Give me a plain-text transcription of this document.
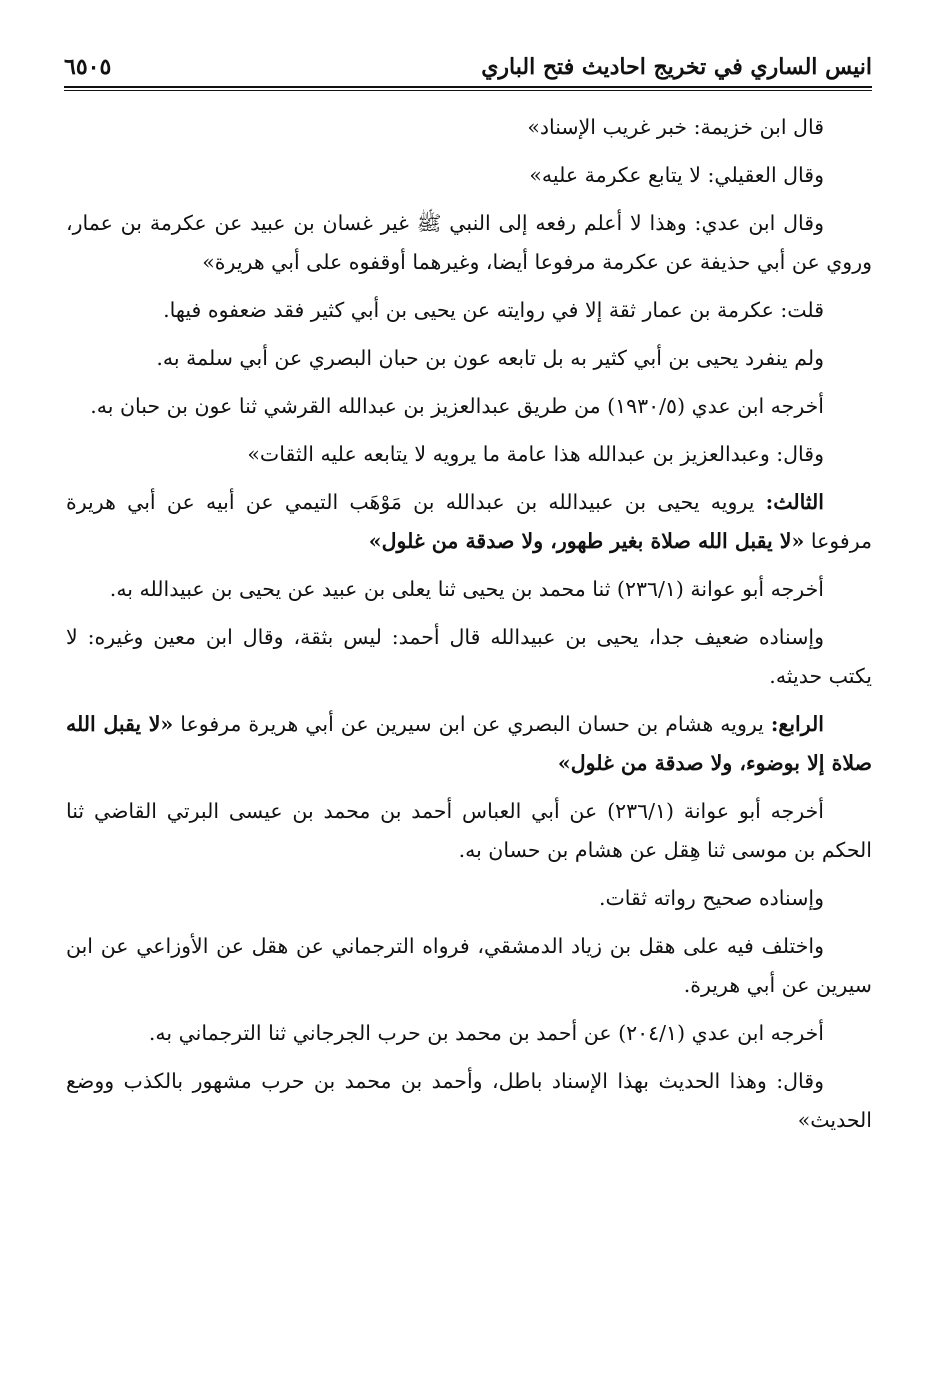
٦٥٠٥	انيس الساري في تخريج احاديث فتح الباري

قال ابن خزيمة: خبر غريب الإسناد»

وقال العقيلي: لا يتابع عكرمة عليه»

وقال ابن عدي: وهذا لا أعلم رفعه إلى النبي ﷺ غير غسان بن عبيد عن عكرمة بن عمار، وروي عن أبي حذيفة عن عكرمة مرفوعا أيضا، وغيرهما أوقفوه على أبي هريرة»

قلت: عكرمة بن عمار ثقة إلا في روايته عن يحيى بن أبي كثير فقد ضعفوه فيها.

ولم ينفرد يحيى بن أبي كثير به بل تابعه عون بن حبان البصري عن أبي سلمة به.

أخرجه ابن عدي (١٩٣٠/٥) من طريق عبدالعزيز بن عبدالله القرشي ثنا عون بن حبان به.

وقال: وعبدالعزيز بن عبدالله هذا عامة ما يرويه لا يتابعه عليه الثقات»

الثالث: يرويه يحيى بن عبيدالله بن عبدالله بن مَوْهَب التيمي عن أبيه عن أبي هريرة مرفوعا «لا يقبل الله صلاة بغير طهور، ولا صدقة من غلول»

أخرجه أبو عوانة (٢٣٦/١) ثنا محمد بن يحيى ثنا يعلى بن عبيد عن يحيى بن عبيدالله به.

وإسناده ضعيف جدا، يحيى بن عبيدالله قال أحمد: ليس بثقة، وقال ابن معين وغيره: لا يكتب حديثه.

الرابع: يرويه هشام بن حسان البصري عن ابن سيرين عن أبي هريرة مرفوعا «لا يقبل الله صلاة إلا بوضوء، ولا صدقة من غلول»

أخرجه أبو عوانة (٢٣٦/١) عن أبي العباس أحمد بن محمد بن عيسى البرتي القاضي ثنا الحكم بن موسى ثنا هِقل عن هشام بن حسان به.

وإسناده صحيح رواته ثقات.

واختلف فيه على هقل بن زياد الدمشقي، فرواه الترجماني عن هقل عن الأوزاعي عن ابن سيرين عن أبي هريرة.

أخرجه ابن عدي (٢٠٤/١) عن أحمد بن محمد بن حرب الجرجاني ثنا الترجماني به.

وقال: وهذا الحديث بهذا الإسناد باطل، وأحمد بن محمد بن حرب مشهور بالكذب ووضع الحديث»
